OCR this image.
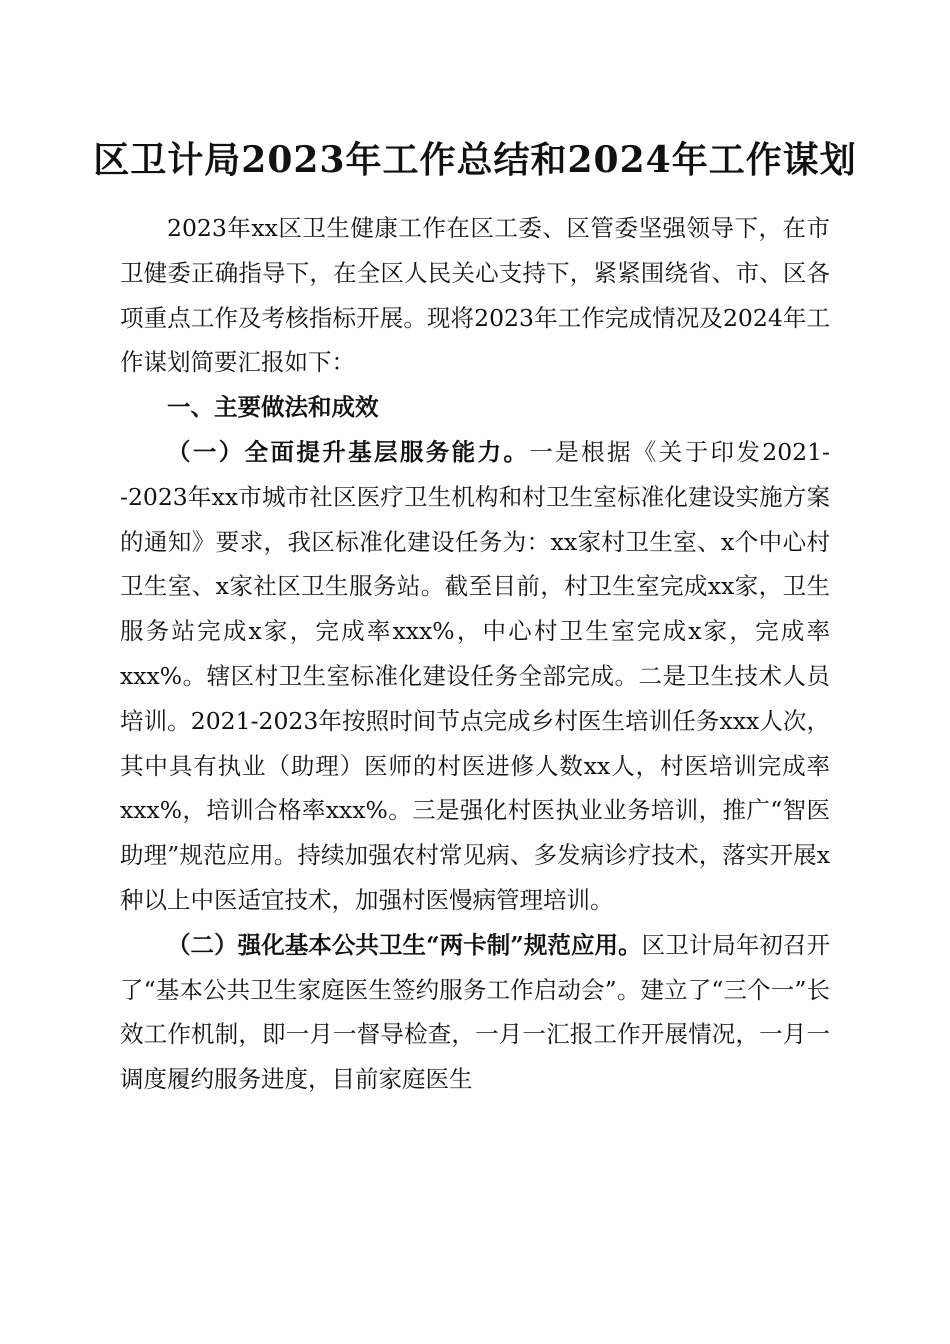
区卫计局2023年工作总结和2024年工作谋划

2023年xx区卫生健康工作在区工委、区管委坚强领导下，在市卫健委正确指导下，在全区人民关心支持下，紧紧围绕省、市、区各项重点工作及考核指标开展。现将2023年工作完成情况及2024年工作谋划简要汇报如下：

一、主要做法和成效

（一）全面提升基层服务能力。一是根据《关于印发2021--2023年xx市城市社区医疗卫生机构和村卫生室标准化建设实施方案的通知》要求，我区标准化建设任务为：xx家村卫生室、x个中心村卫生室、x家社区卫生服务站。截至目前，村卫生室完成xx家，卫生服务站完成x家，完成率xxx%，中心村卫生室完成x家，完成率xxx%。辖区村卫生室标准化建设任务全部完成。二是卫生技术人员培训。2021-2023年按照时间节点完成乡村医生培训任务xxx人次，其中具有执业（助理）医师的村医进修人数xx人，村医培训完成率xxx%，培训合格率xxx%。三是强化村医执业业务培训，推广“智医助理”规范应用。持续加强农村常见病、多发病诊疗技术，落实开展x种以上中医适宜技术，加强村医慢病管理培训。

（二）强化基本公共卫生“两卡制”规范应用。区卫计局年初召开了“基本公共卫生家庭医生签约服务工作启动会”。建立了“三个一”长效工作机制，即一月一督导检查，一月一汇报工作开展情况，一月一调度履约服务进度，目前家庭医生
